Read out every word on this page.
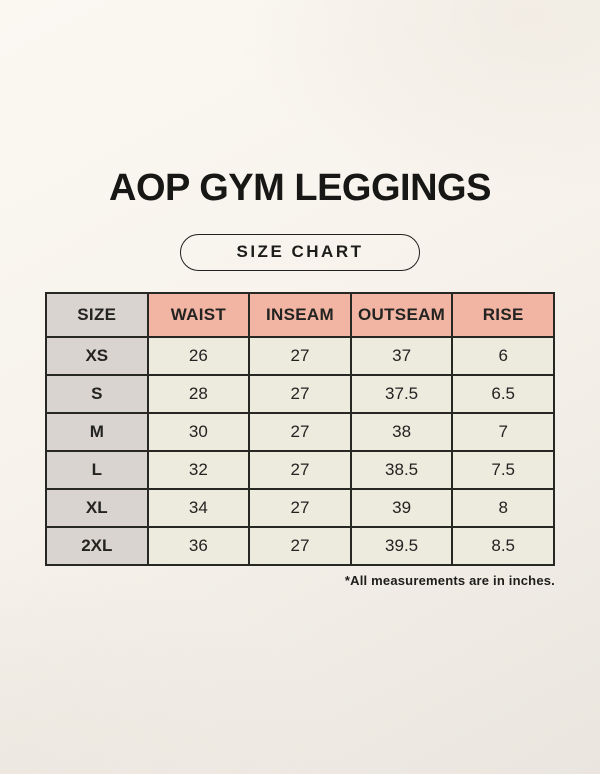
AOP GYM LEGGINGS
SIZE CHART
SIZE	WAIST	INSEAM	OUTSEAM	RISE
XS	26	27	37	6
S	28	27	37.5	6.5
M	30	27	38	7
L	32	27	38.5	7.5
XL	34	27	39	8
2XL	36	27	39.5	8.5
*All measurements are in inches.
